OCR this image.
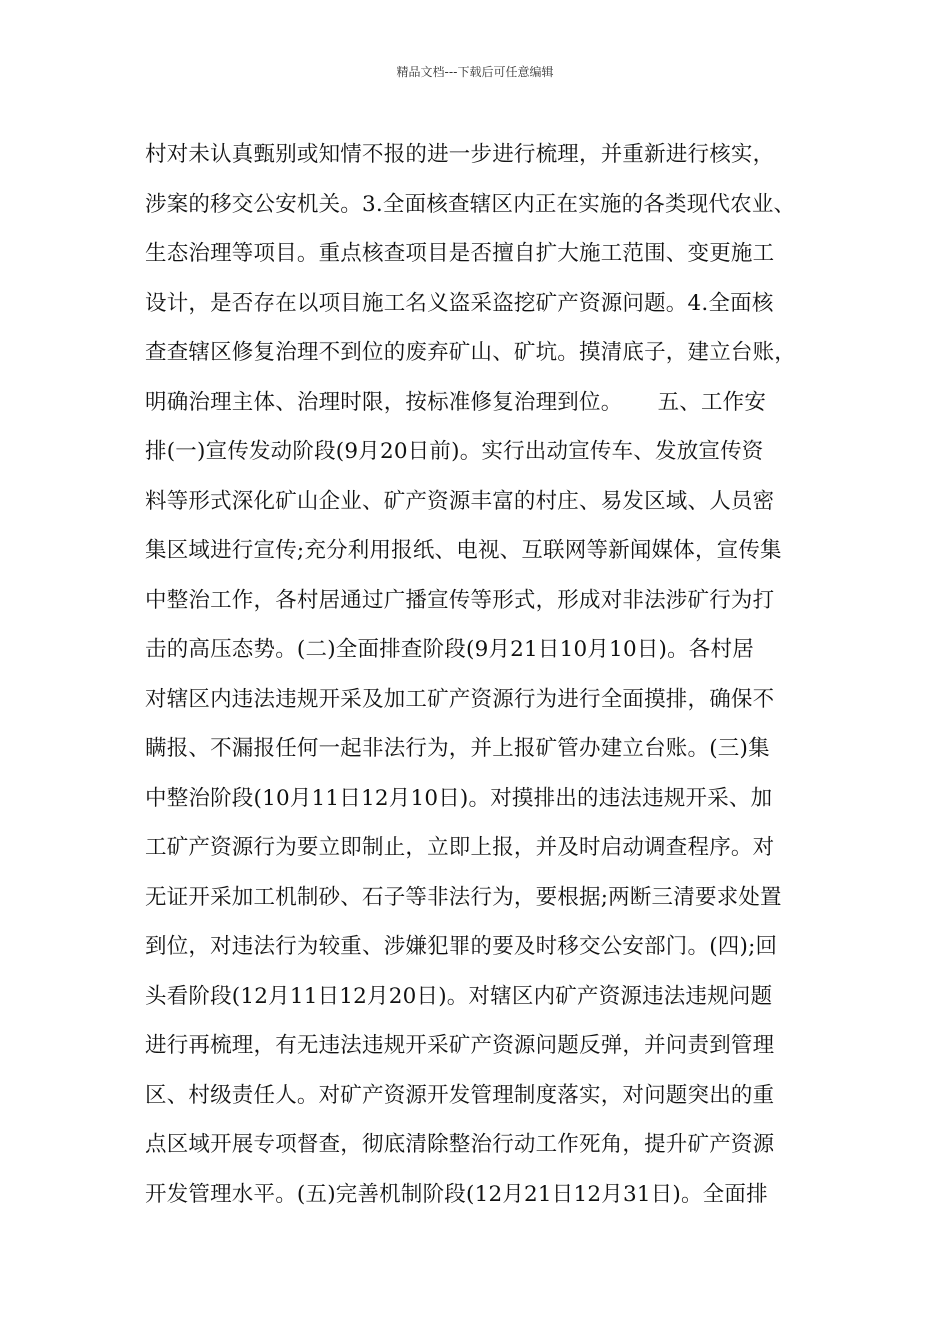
精品文档---下载后可任意编辑
村对未认真甄别或知情不报的进一步进行梳理，并重新进行核实，
涉案的移交公安机关。3.全面核查辖区内正在实施的各类现代农业、
生态治理等项目。重点核查项目是否擅自扩大施工范围、变更施工
设计，是否存在以项目施工名义盗采盗挖矿产资源问题。4.全面核
查查辖区修复治理不到位的废弃矿山、矿坑。摸清底子，建立台账，
明确治理主体、治理时限，按标准修复治理到位。     五、工作安
排(一)宣传发动阶段(9月20日前)。实行出动宣传车、发放宣传资
料等形式深化矿山企业、矿产资源丰富的村庄、易发区域、人员密
集区域进行宣传;充分利用报纸、电视、互联网等新闻媒体，宣传集
中整治工作，各村居通过广播宣传等形式，形成对非法涉矿行为打
击的高压态势。(二)全面排查阶段(9月21日10月10日)。各村居
对辖区内违法违规开采及加工矿产资源行为进行全面摸排，确保不
瞒报、不漏报任何一起非法行为，并上报矿管办建立台账。(三)集
中整治阶段(10月11日12月10日)。对摸排出的违法违规开采、加
工矿产资源行为要立即制止，立即上报，并及时启动调查程序。对
无证开采加工机制砂、石子等非法行为，要根据;两断三清要求处置
到位，对违法行为较重、涉嫌犯罪的要及时移交公安部门。(四);回
头看阶段(12月11日12月20日)。对辖区内矿产资源违法违规问题
进行再梳理，有无违法违规开采矿产资源问题反弹，并问责到管理
区、村级责任人。对矿产资源开发管理制度落实，对问题突出的重
点区域开展专项督查，彻底清除整治行动工作死角，提升矿产资源
开发管理水平。(五)完善机制阶段(12月21日12月31日)。全面排
